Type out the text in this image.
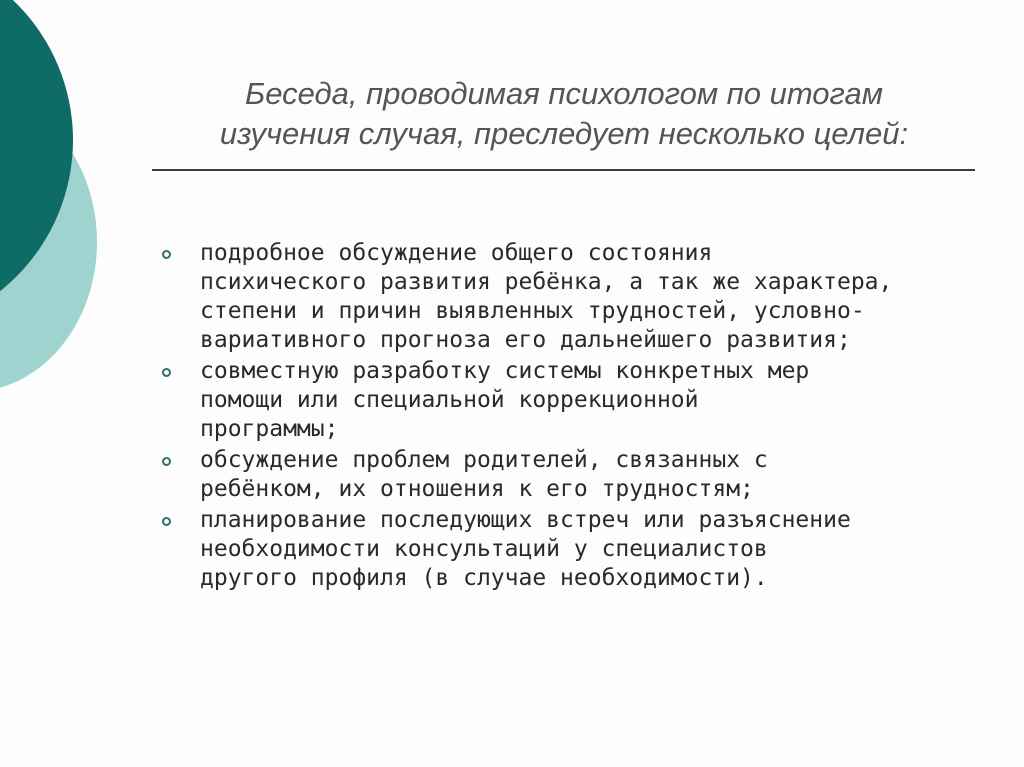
Беседа, проводимая психологом по итогам
изучения случая, преследует несколько целей:
подробное обсуждение общего состояния
психического развития ребёнка, а так же характера,
степени и причин выявленных трудностей, условно-
вариативного прогноза его дальнейшего развития;
совместную разработку системы конкретных мер
помощи или специальной коррекционной
программы;
обсуждение проблем родителей, связанных с
ребёнком, их отношения к его трудностям;
планирование последующих встреч или разъяснение
необходимости консультаций у специалистов
другого профиля (в случае необходимости).
